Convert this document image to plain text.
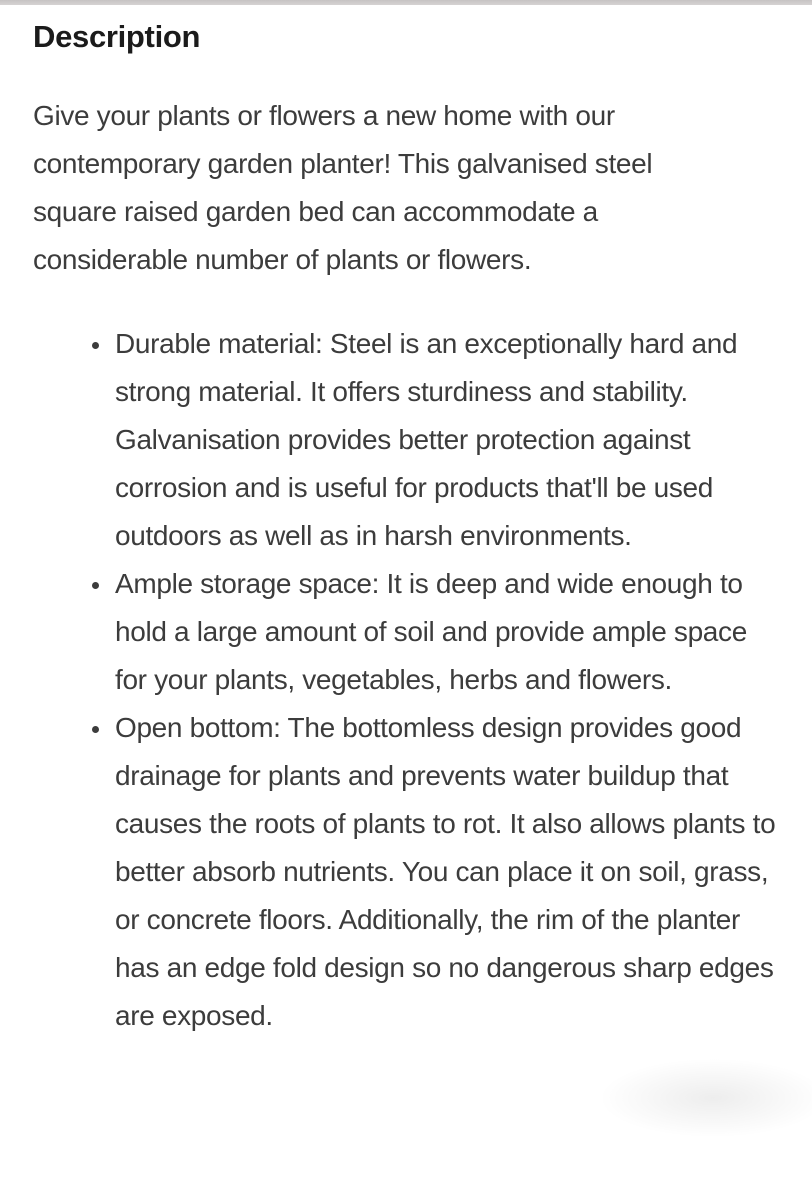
Description

Give your plants or flowers a new home with our contemporary garden planter! This galvanised steel square raised garden bed can accommodate a considerable number of plants or flowers.

• Durable material: Steel is an exceptionally hard and strong material. It offers sturdiness and stability. Galvanisation provides better protection against corrosion and is useful for products that'll be used outdoors as well as in harsh environments.
• Ample storage space: It is deep and wide enough to hold a large amount of soil and provide ample space for your plants, vegetables, herbs and flowers.
• Open bottom: The bottomless design provides good drainage for plants and prevents water buildup that causes the roots of plants to rot. It also allows plants to better absorb nutrients. You can place it on soil, grass, or concrete floors. Additionally, the rim of the planter has an edge fold design so no dangerous sharp edges are exposed.
